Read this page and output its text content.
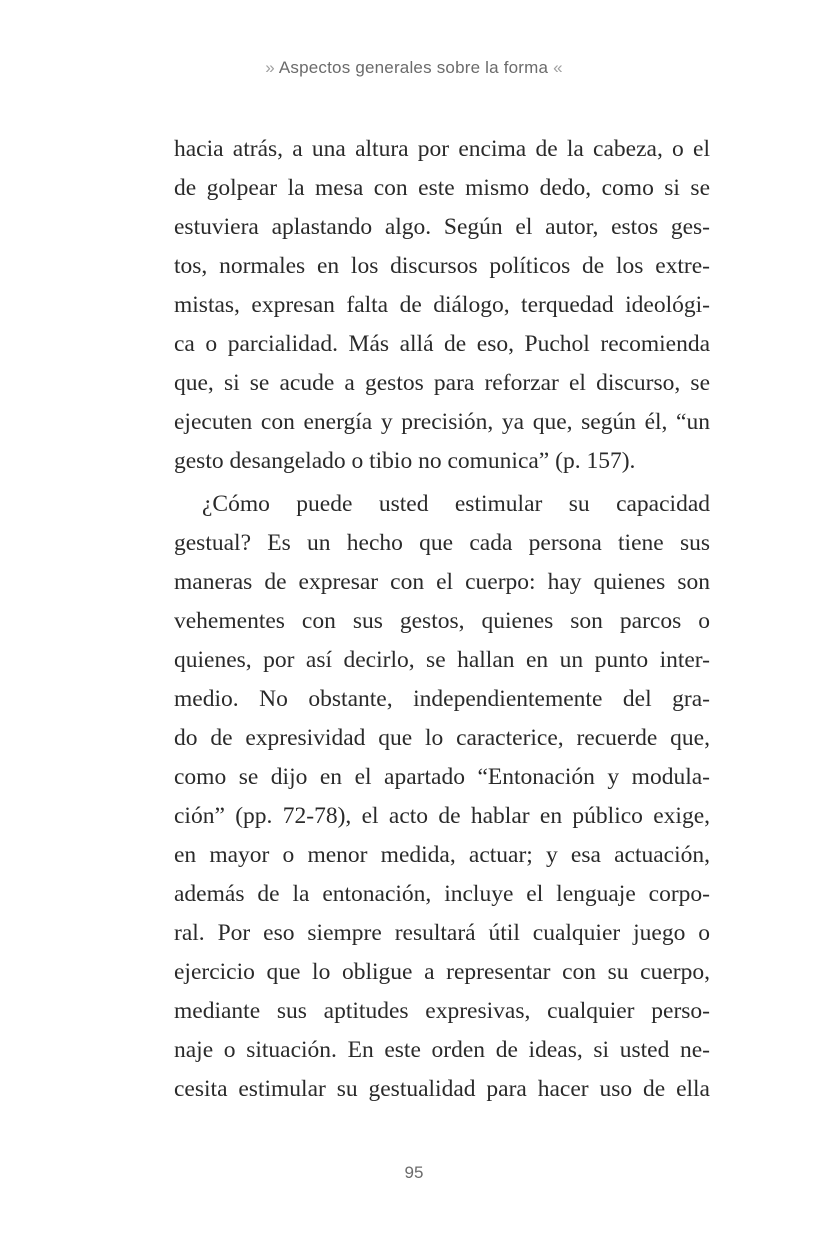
» Aspectos generales sobre la forma «
hacia atrás, a una altura por encima de la cabeza, o el
de golpear la mesa con este mismo dedo, como si se
estuviera aplastando algo. Según el autor, estos ges-
tos, normales en los discursos políticos de los extre-
mistas, expresan falta de diálogo, terquedad ideológi-
ca o parcialidad. Más allá de eso, Puchol recomienda
que, si se acude a gestos para reforzar el discurso, se
ejecuten con energía y precisión, ya que, según él, “un
gesto desangelado o tibio no comunica” (p. 157).
¿Cómo puede usted estimular su capacidad
gestual? Es un hecho que cada persona tiene sus
maneras de expresar con el cuerpo: hay quienes son
vehementes con sus gestos, quienes son parcos o
quienes, por así decirlo, se hallan en un punto inter-
medio. No obstante, independientemente del gra-
do de expresividad que lo caracterice, recuerde que,
como se dijo en el apartado “Entonación y modula-
ción” (pp. 72-78), el acto de hablar en público exige,
en mayor o menor medida, actuar; y esa actuación,
además de la entonación, incluye el lenguaje corpo-
ral. Por eso siempre resultará útil cualquier juego o
ejercicio que lo obligue a representar con su cuerpo,
mediante sus aptitudes expresivas, cualquier perso-
naje o situación. En este orden de ideas, si usted ne-
cesita estimular su gestualidad para hacer uso de ella
95
